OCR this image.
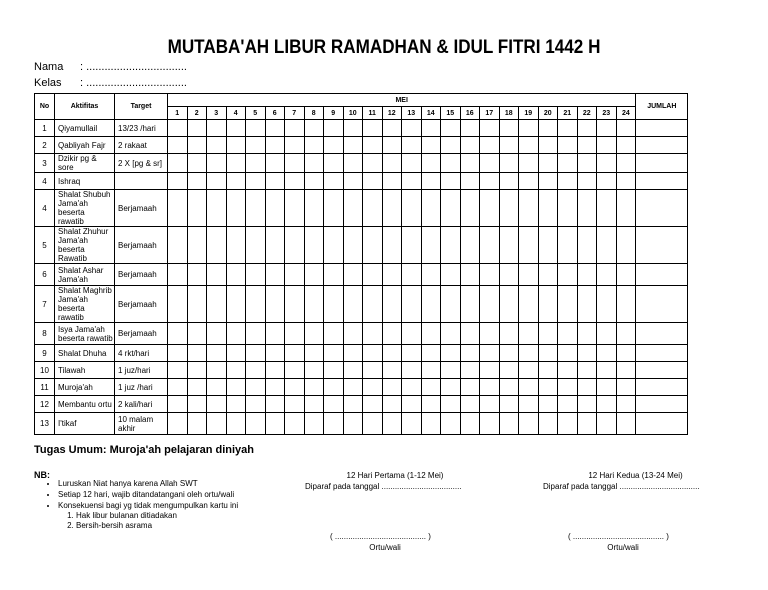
MUTABA'AH LIBUR RAMADHAN & IDUL FITRI 1442 H
Nama : .................................
Kelas : .................................
No	Aktifitas	Target	MEI																								JUMLAH
			1	2	3	4	5	6	7	8	9	10	11	12	13	14	15	16	17	18	19	20	21	22	23	24	
1	Qiyamullail	13/23 /hari																									
2	Qabliyah Fajr	2 rakaat																									
3	Dzikir pg & sore	2 X [pg & sr]																									
4	Ishraq																										
4	Shalat Shubuh
Jama'ah beserta
rawatib	Berjamaah																									
5	Shalat Zhuhur
Jama'ah beserta
Rawatib	Berjamaah																									
6	Shalat Ashar
Jama'ah	Berjamaah																									
7	Shalat Maghrib
Jama'ah beserta
rawatib	Berjamaah																									
8	Isya Jama'ah
beserta rawatib	Berjamaah																									
9	Shalat Dhuha	4 rkt/hari																									
10	Tilawah	1 juz/hari																									
11	Muroja'ah	1 juz /hari																									
12	Membantu ortu	2 kali/hari																									
13	I'tikaf	10 malam
akhir																									
Tugas Umum: Muroja'ah pelajaran diniyah
NB:
• Luruskan Niat hanya karena Allah SWT
• Setiap 12 hari, wajib ditandatangani oleh ortu/wali
• Konsekuensi bagi yg tidak mengumpulkan kartu ini
1. Hak libur bulanan ditiadakan
2. Bersih-bersih asrama
12 Hari Pertama (1-12 Mei)
Diparaf pada tanggal ....................................
( ......................................... )
Ortu/wali
12 Hari Kedua (13-24 Mei)
Diparaf pada tanggal ....................................
( ......................................... )
Ortu/wali
